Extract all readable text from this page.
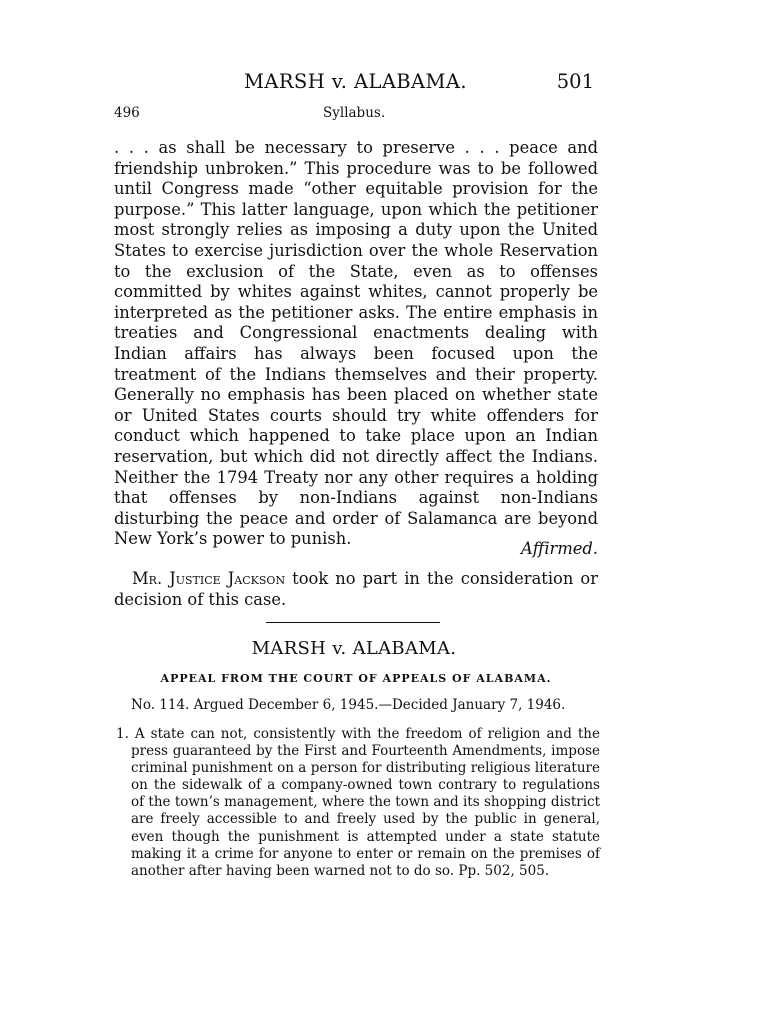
MARSH v. ALABAMA.	501
496	Syllabus.
. . . as shall be necessary to preserve . . . peace and friendship unbroken.” This procedure was to be followed until Congress made “other equitable provision for the purpose.” This latter language, upon which the petitioner most strongly relies as imposing a duty upon the United States to exercise jurisdiction over the whole Reservation to the exclusion of the State, even as to offenses committed by whites against whites, cannot properly be interpreted as the petitioner asks. The entire emphasis in treaties and Congressional enactments dealing with Indian affairs has always been focused upon the treatment of the Indians themselves and their property. Generally no emphasis has been placed on whether state or United States courts should try white offenders for conduct which happened to take place upon an Indian reservation, but which did not directly affect the Indians. Neither the 1794 Treaty nor any other requires a holding that offenses by non-Indians against non-Indians disturbing the peace and order of Salamanca are beyond New York’s power to punish.
Affirmed.
Mr. Justice Jackson took no part in the consideration or decision of this case.
MARSH v. ALABAMA.
APPEAL FROM THE COURT OF APPEALS OF ALABAMA.
No. 114. Argued December 6, 1945.—Decided January 7, 1946.
1. A state can not, consistently with the freedom of religion and the press guaranteed by the First and Fourteenth Amendments, impose criminal punishment on a person for distributing religious literature on the sidewalk of a company-owned town contrary to regulations of the town’s management, where the town and its shopping district are freely accessible to and freely used by the public in general, even though the punishment is attempted under a state statute making it a crime for anyone to enter or remain on the premises of another after having been warned not to do so. Pp. 502, 505.
